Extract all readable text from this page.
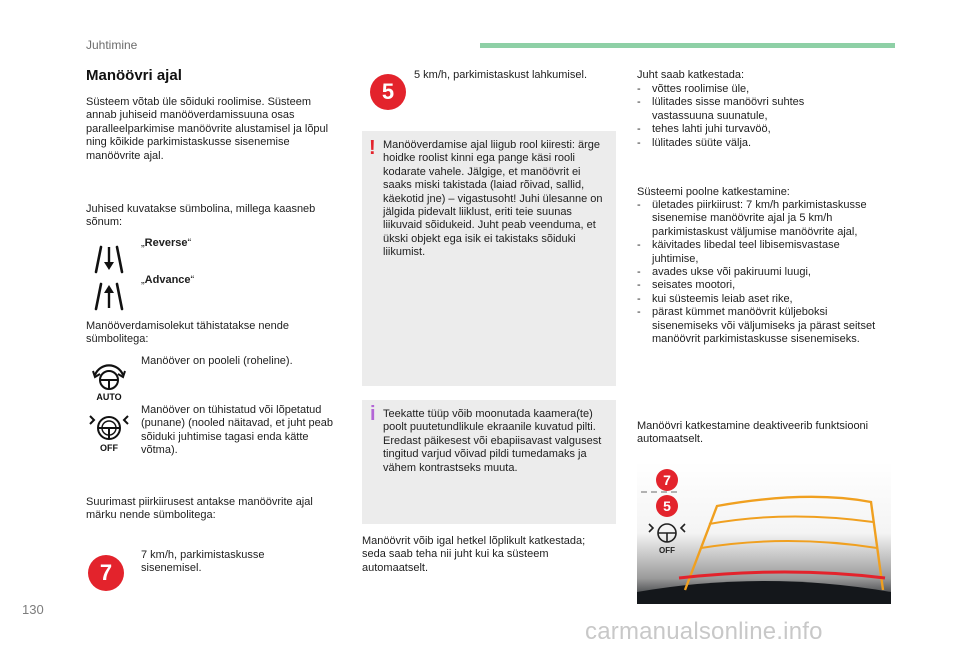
Juhtimine
Manöövri ajal

Süsteem võtab üle sõiduki roolimise. Süsteem annab juhiseid manööverdamissuuna osas paralleelparkimise manöövrite alustamisel ja lõpul ning kõikide parkimistaskusse sisenemise manöövrite ajal.

Juhised kuvatakse sümbolina, millega kaasneb sõnum:

„Reverse“
„Advance“

Manööverdamisolekut tähistatakse nende sümbolitega:

AUTO

Manööver on pooleli (roheline).

OFF

Manööver on tühistatud või lõpetatud (punane) (nooled näitavad, et juht peab sõiduki juhtimise tagasi enda kätte võtma).

Suurimast piirkiirusest antakse manöövrite ajal märku nende sümbolitega:

7

7 km/h, parkimistaskusse sisenemisel.

5

5 km/h, parkimistaskust lahkumisel.

! Manööverdamise ajal liigub rool kiiresti: ärge hoidke roolist kinni ega pange käsi rooli kodarate vahele. Jälgige, et manöövrit ei saaks miski takistada (laiad rõivad, sallid, käekotid jne) – vigastusoht! Juhi ülesanne on jälgida pidevalt liiklust, eriti teie suunas liikuvaid sõidukeid. Juht peab veenduma, et ükski objekt ega isik ei takistaks sõiduki liikumist.

i Teekatte tüüp võib moonutada kaamera(te) poolt puutetundlikule ekraanile kuvatud pilti. Eredast päikesest või ebapiisavast valgusest tingitud varjud võivad pildi tumedamaks ja vähem kontrastseks muuta.

Manöövrit võib igal hetkel lõplikult katkestada; seda saab teha nii juht kui ka süsteem automaatselt.

Juht saab katkestada:

- võttes roolimise üle,
- lülitades sisse manöövri suhtes vastassuuna suunatule,
- tehes lahti juhi turvavöö,
- lülitades süüte välja.

Süsteemi poolne katkestamine:

- ületades piirkiirust: 7 km/h parkimistaskusse sisenemise manöövrite ajal ja 5 km/h parkimistaskust väljumise manöövrite ajal,
- käivitades libedal teel libisemisvastase juhtimise,
- avades ukse või pakiruumi luugi,
- seisates mootori,
- kui süsteemis leiab aset rike,
- pärast kümmet manöövrit küljeboksi sisenemiseks või väljumiseks ja pärast seitset manöövrit parkimistaskusse sisenemiseks.

Manöövri katkestamine deaktiveerib funktsiooni automaatselt.

7
5
OFF
130
carmanualsonline.info
